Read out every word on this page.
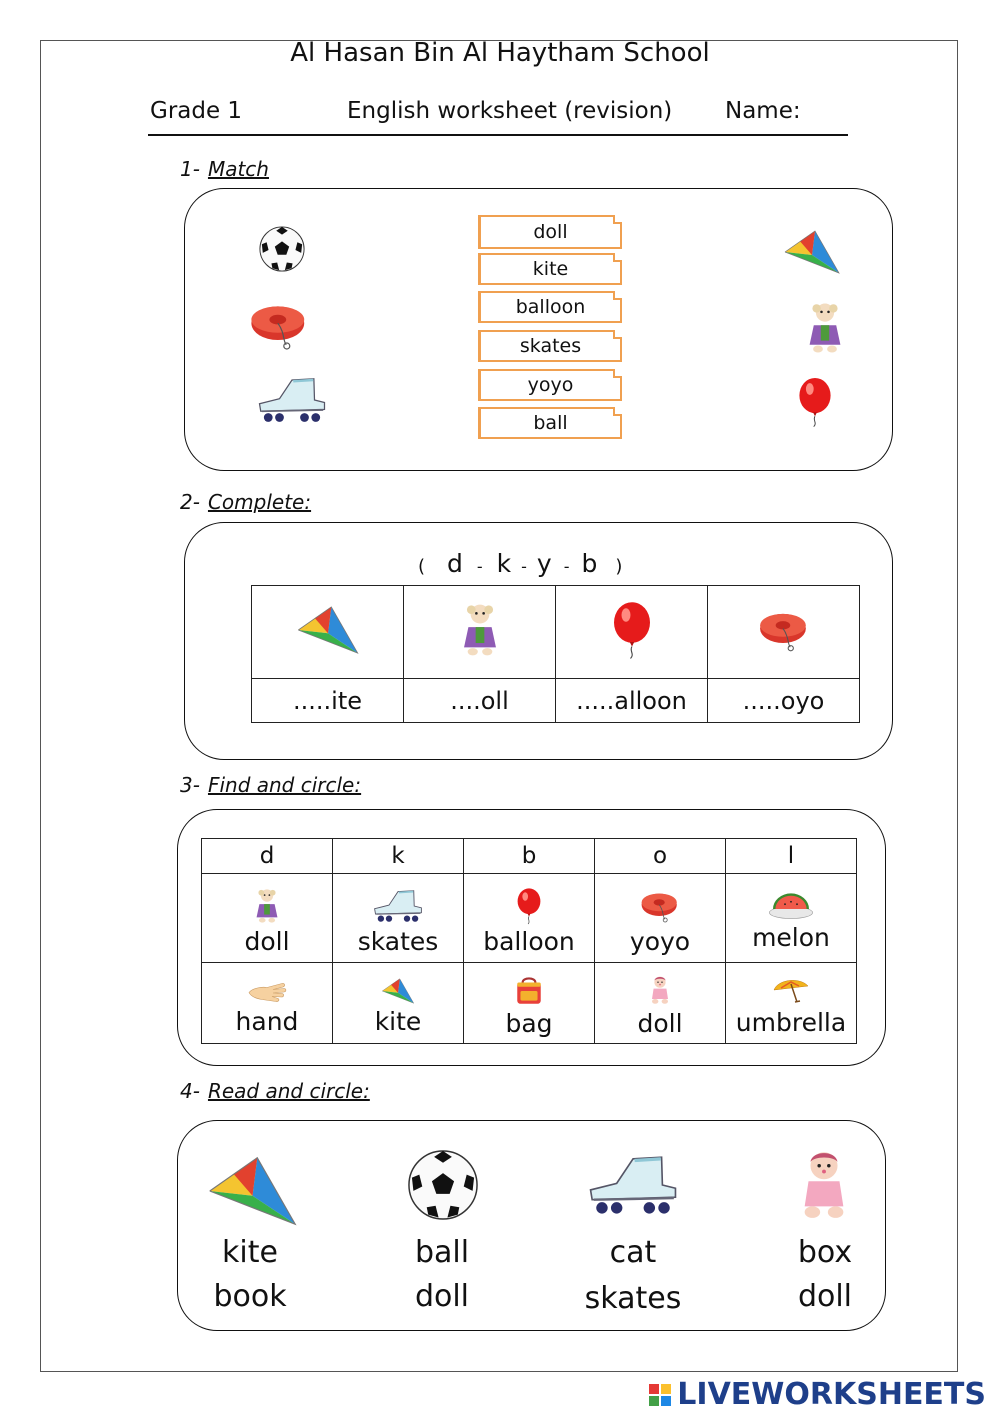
Al Hasan Bin Al Haytham School
Grade 1	English worksheet (revision) Name:
1- Match
doll
kite
balloon
skates
yoyo
ball
2- Complete:
( d - k - y - b )

.....ite	....oll	.....alloon	.....oyo
3- Find and circle:
d	k	b	o	l

doll	skates	balloon	yoyo	melon

hand	kite	bag	doll	umbrella
4- Read and circle:
kite
book
ball
doll
cat
skates
box
doll
LIVEWORKSHEETS
